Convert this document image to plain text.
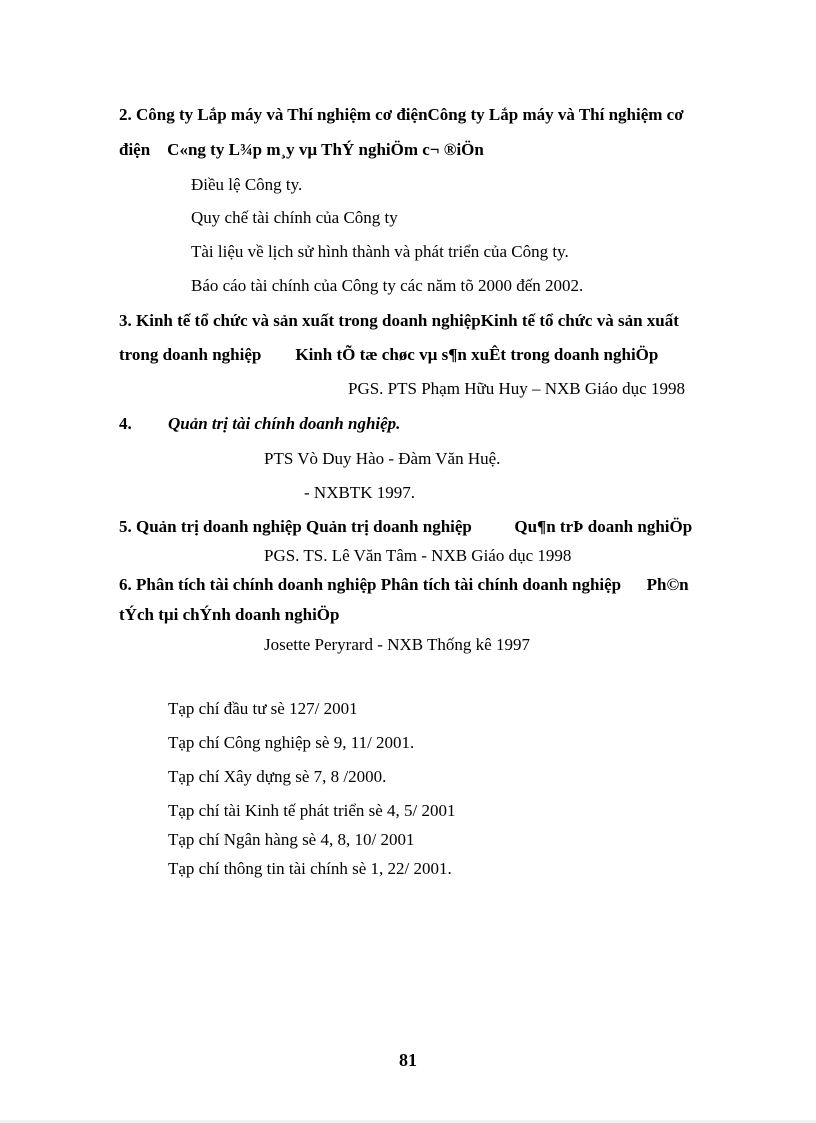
2. Công ty Lắp máy và Thí nghiệm cơ điệnCông ty Lắp máy và Thí nghiệm cơ
điện    C«ng ty L¾p m¸y vµ ThÝ nghiÖm c¬ ®iÖn
Điều lệ Công ty.
Quy chế tài chính của Công ty
Tài liệu về lịch sử hình thành và phát triển của Công ty.
Báo cáo tài chính của Công ty các năm tõ 2000 đến 2002.
3. Kinh tế tổ chức và sản xuất trong doanh nghiệpKinh tế tổ chức và sản xuất
trong doanh nghiệp        Kinh tÕ tæ chøc vµ s¶n xuÊt trong doanh nghiÖp
PGS. PTS Phạm Hữu Huy – NXB Giáo dục 1998
4. Quản trị tài chính doanh nghiệp.
PTS Vò Duy Hào - Đàm Văn Huệ.
- NXBTK 1997.
5. Quản trị doanh nghiệp Quản trị doanh nghiệp          Qu¶n trÞ doanh nghiÖp
PGS. TS. Lê Văn Tâm - NXB Giáo dục 1998
6. Phân tích tài chính doanh nghiệp Phân tích tài chính doanh nghiệp      Ph©n
tÝch tµi chÝnh doanh nghiÖp
Josette Peryrard - NXB Thống kê 1997
Tạp chí đầu tư sè 127/ 2001
Tạp chí Công nghiệp sè 9, 11/ 2001.
Tạp chí Xây dựng sè 7, 8 /2000.
Tạp chí tài Kinh tế phát triển sè 4, 5/ 2001
Tạp chí Ngân hàng sè 4, 8, 10/ 2001
Tạp chí thông tin tài chính sè 1, 22/ 2001.
81
